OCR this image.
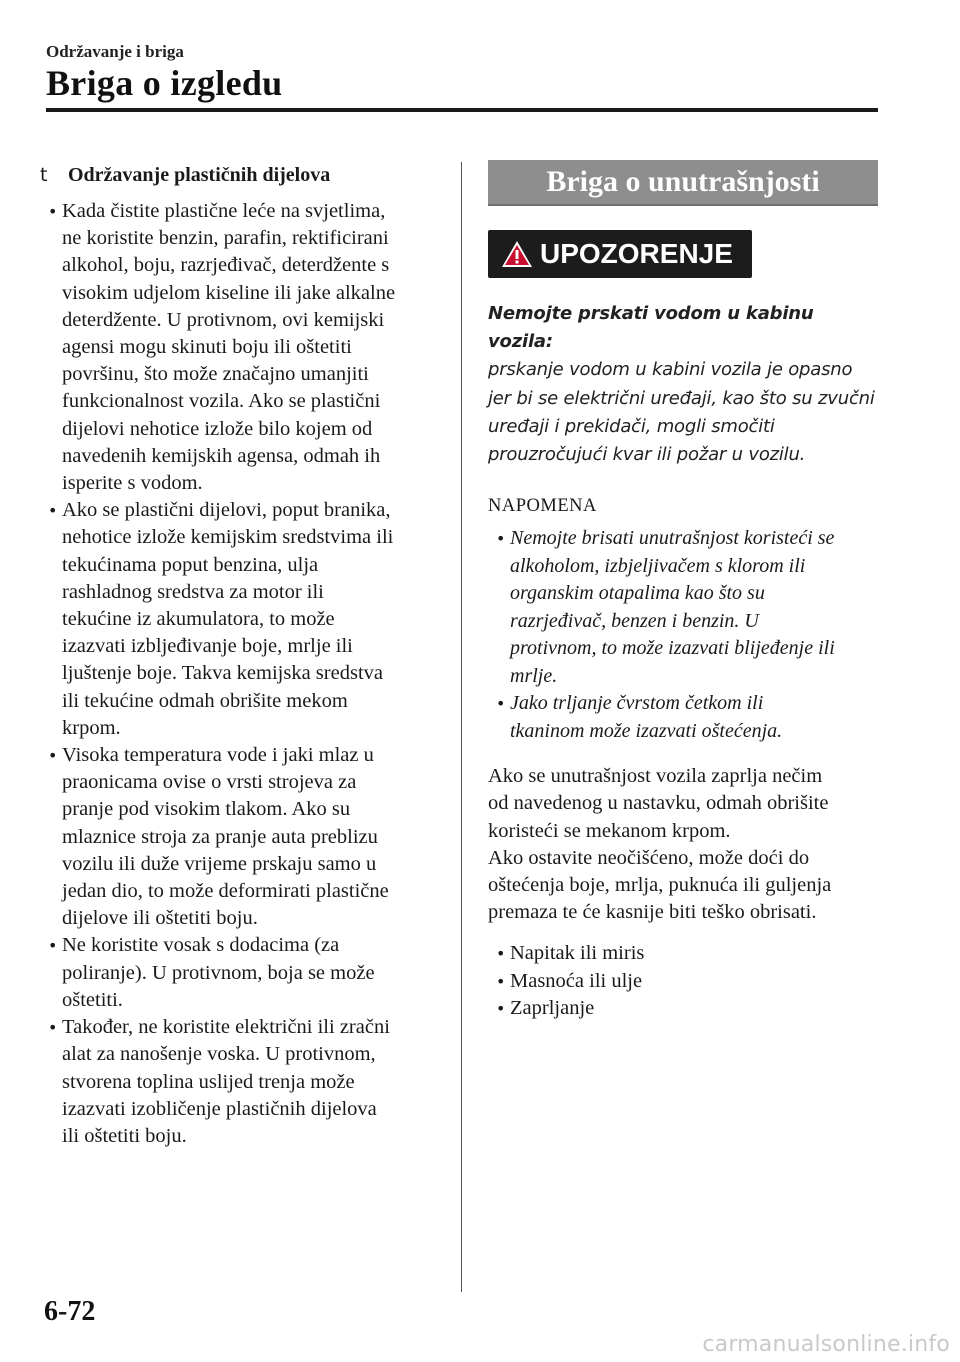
Održavanje i briga
Briga o izgledu
t	Održavanje plastičnih dijelova
• Kada čistite plastične leće na svjetlima,
ne koristite benzin, parafin, rektificirani
alkohol, boju, razrjeđivač, deterdžente s
visokim udjelom kiseline ili jake alkalne
deterdžente. U protivnom, ovi kemijski
agensi mogu skinuti boju ili oštetiti
površinu, što može značajno umanjiti
funkcionalnost vozila. Ako se plastični
dijelovi nehotice izlože bilo kojem od
navedenih kemijskih agensa, odmah ih
isperite s vodom.
• Ako se plastični dijelovi, poput branika,
nehotice izlože kemijskim sredstvima ili
tekućinama poput benzina, ulja
rashladnog sredstva za motor ili
tekućine iz akumulatora, to može
izazvati izbljeđivanje boje, mrlje ili
ljuštenje boje. Takva kemijska sredstva
ili tekućine odmah obrišite mekom
krpom.
• Visoka temperatura vode i jaki mlaz u
praonicama ovise o vrsti strojeva za
pranje pod visokim tlakom. Ako su
mlaznice stroja za pranje auta preblizu
vozilu ili duže vrijeme prskaju samo u
jedan dio, to može deformirati plastične
dijelove ili oštetiti boju.
• Ne koristite vosak s dodacima (za
poliranje). U protivnom, boja se može
oštetiti.
• Također, ne koristite električni ili zračni
alat za nanošenje voska. U protivnom,
stvorena toplina uslijed trenja može
izazvati izobličenje plastičnih dijelova
ili oštetiti boju.
Briga o unutrašnjosti
UPOZORENJE
Nemojte prskati vodom u kabinu vozila:
prskanje vodom u kabini vozila je opasno
jer bi se električni uređaji, kao što su zvučni
uređaji i prekidači, mogli smočiti
prouzročujući kvar ili požar u vozilu.
NAPOMENA
• Nemojte brisati unutrašnjost koristeći se
alkoholom, izbjeljivačem s klorom ili
organskim otapalima kao što su
razrjeđivač, benzen i benzin. U
protivnom, to može izazvati blijeđenje ili
mrlje.
• Jako trljanje čvrstom četkom ili
tkaninom može izazvati oštećenja.

Ako se unutrašnjost vozila zaprlja nečim
od navedenog u nastavku, odmah obrišite
koristeći se mekanom krpom.

Ako ostavite neočišćeno, može doći do
oštećenja boje, mrlja, puknuća ili guljenja
premaza te će kasnije biti teško obrisati.

• Napitak ili miris
• Masnoća ili ulje
• Zaprljanje
6-72
carmanualsonline.info
